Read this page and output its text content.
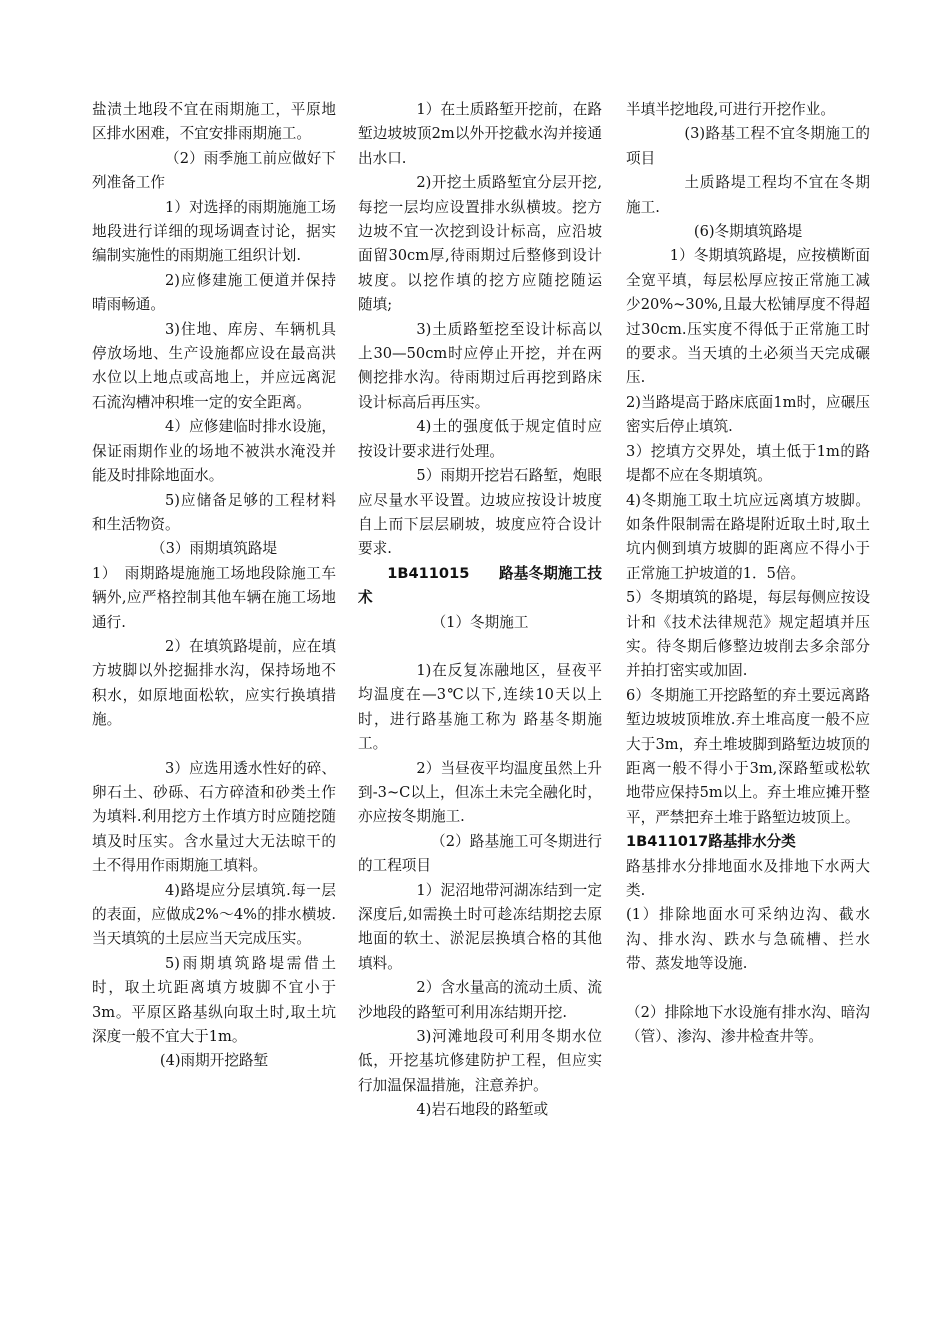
盐渍土地段不宜在雨期施工，平原地区排水困难，不宜安排雨期施工。

（2）雨季施工前应做好下列准备工作

1）对选择的雨期施施工场地段进行详细的现场调查讨论，据实编制实施性的雨期施工组织计划.

2)应修建施工便道并保持晴雨畅通。

3)住地、库房、车辆机具停放场地、生产设施都应设在最高洪水位以上地点或高地上，并应远离泥石流沟槽冲积堆一定的安全距离。

4）应修建临时排水设施，保证雨期作业的场地不被洪水淹没并能及时排除地面水。

5)应储备足够的工程材料和生活物资。

（3）雨期填筑路堤

1）　雨期路堤施施工场地段除施工车辆外,应严格控制其他车辆在施工场地通行.

2）在填筑路堤前，应在填方坡脚以外挖掘排水沟，保持场地不积水，如原地面松软，应实行换填措施。

3）应选用透水性好的碎、卵石土、砂砾、石方碎渣和砂类土作为填料.利用挖方土作填方时应随挖随填及时压实。含水量过大无法晾干的土不得用作雨期施工填料。

4)路堤应分层填筑.每一层的表面，应做成2%～4%的排水横坡.当天填筑的土层应当天完成压实。

5)雨期填筑路堤需借土时，取土坑距离填方坡脚不宜小于3m。平原区路基纵向取土时,取土坑深度一般不宜大于1m。

(4)雨期开挖路堑

1）在土质路堑开挖前，在路堑边坡坡顶2m以外开挖截水沟并接通出水口.

2)开挖土质路堑宜分层开挖,每挖一层均应设置排水纵横坡。挖方边坡不宜一次挖到设计标高，应沿坡面留30cm厚,待雨期过后整修到设计坡度。以挖作填的挖方应随挖随运　随填;

3)土质路堑挖至设计标高以上30—50cm时应停止开挖，并在两侧挖排水沟。待雨期过后再挖到路床设计标高后再压实。

4)土的强度低于规定值时应按设计要求进行处理。

5）雨期开挖岩石路堑，炮眼应尽量水平设置。边坡应按设计坡度自上而下层层刷坡，坡度应符合设计要求.

1B411015　　路基冬期施工技术

（1）冬期施工

1)在反复冻融地区，昼夜平均温度在—3℃以下,连续10天以上时，进行路基施工称为 路基冬期施工。

2）当昼夜平均温度虽然上升到-3~C以上，但冻土未完全融化时，亦应按冬期施工.

（2）路基施工可冬期进行的工程项目

1）泥沼地带河湖冻结到一定深度后,如需换土时可趁冻结期挖去原地面的软土、淤泥层换填合格的其他填料。

2）含水量高的流动土质、流沙地段的路堑可利用冻结期开挖.

3)河滩地段可利用冬期水位低，开挖基坑修建防护工程，但应实行加温保温措施，注意养护。

4)岩石地段的路堑或

半填半挖地段,可进行开挖作业。

(3)路基工程不宜冬期施工的项目

土质路堤工程均不宜在冬期施工.

(6)冬期填筑路堤

1）冬期填筑路堤，应按横断面全宽平填，每层松厚应按正常施工减少20%~30%,且最大松铺厚度不得超过30cm.压实度不得低于正常施工时的要求。当天填的土必须当天完成碾压.

2)当路堤高于路床底面1m时，应碾压密实后停止填筑.

3）挖填方交界处，填土低于1m的路堤都不应在冬期填筑。

4)冬期施工取土坑应远离填方坡脚。如条件限制需在路堤附近取土时,取土坑内侧到填方坡脚的距离应不得小于正常施工护坡道的1．5倍。

5）冬期填筑的路堤，每层每侧应按设计和《技术法律规范》规定超填并压实。待冬期后修整边坡削去多余部分并拍打密实或加固.

6）冬期施工开挖路堑的弃土要远离路堑边坡坡顶堆放.弃土堆高度一般不应大于3m，弃土堆坡脚到路堑边坡顶的距离一般不得小于3m,深路堑或松软地带应保持5m以上。弃土堆应摊开整平，严禁把弃土堆于路堑边坡顶上。

1B411017路基排水分类

路基排水分排地面水及排地下水两大类.

(1）排除地面水可采纳边沟、截水沟、排水沟、跌水与急硫槽、拦水带、蒸发地等设施.

（2）排除地下水设施有排水沟、暗沟（管）、渗沟、渗井检查井等。
